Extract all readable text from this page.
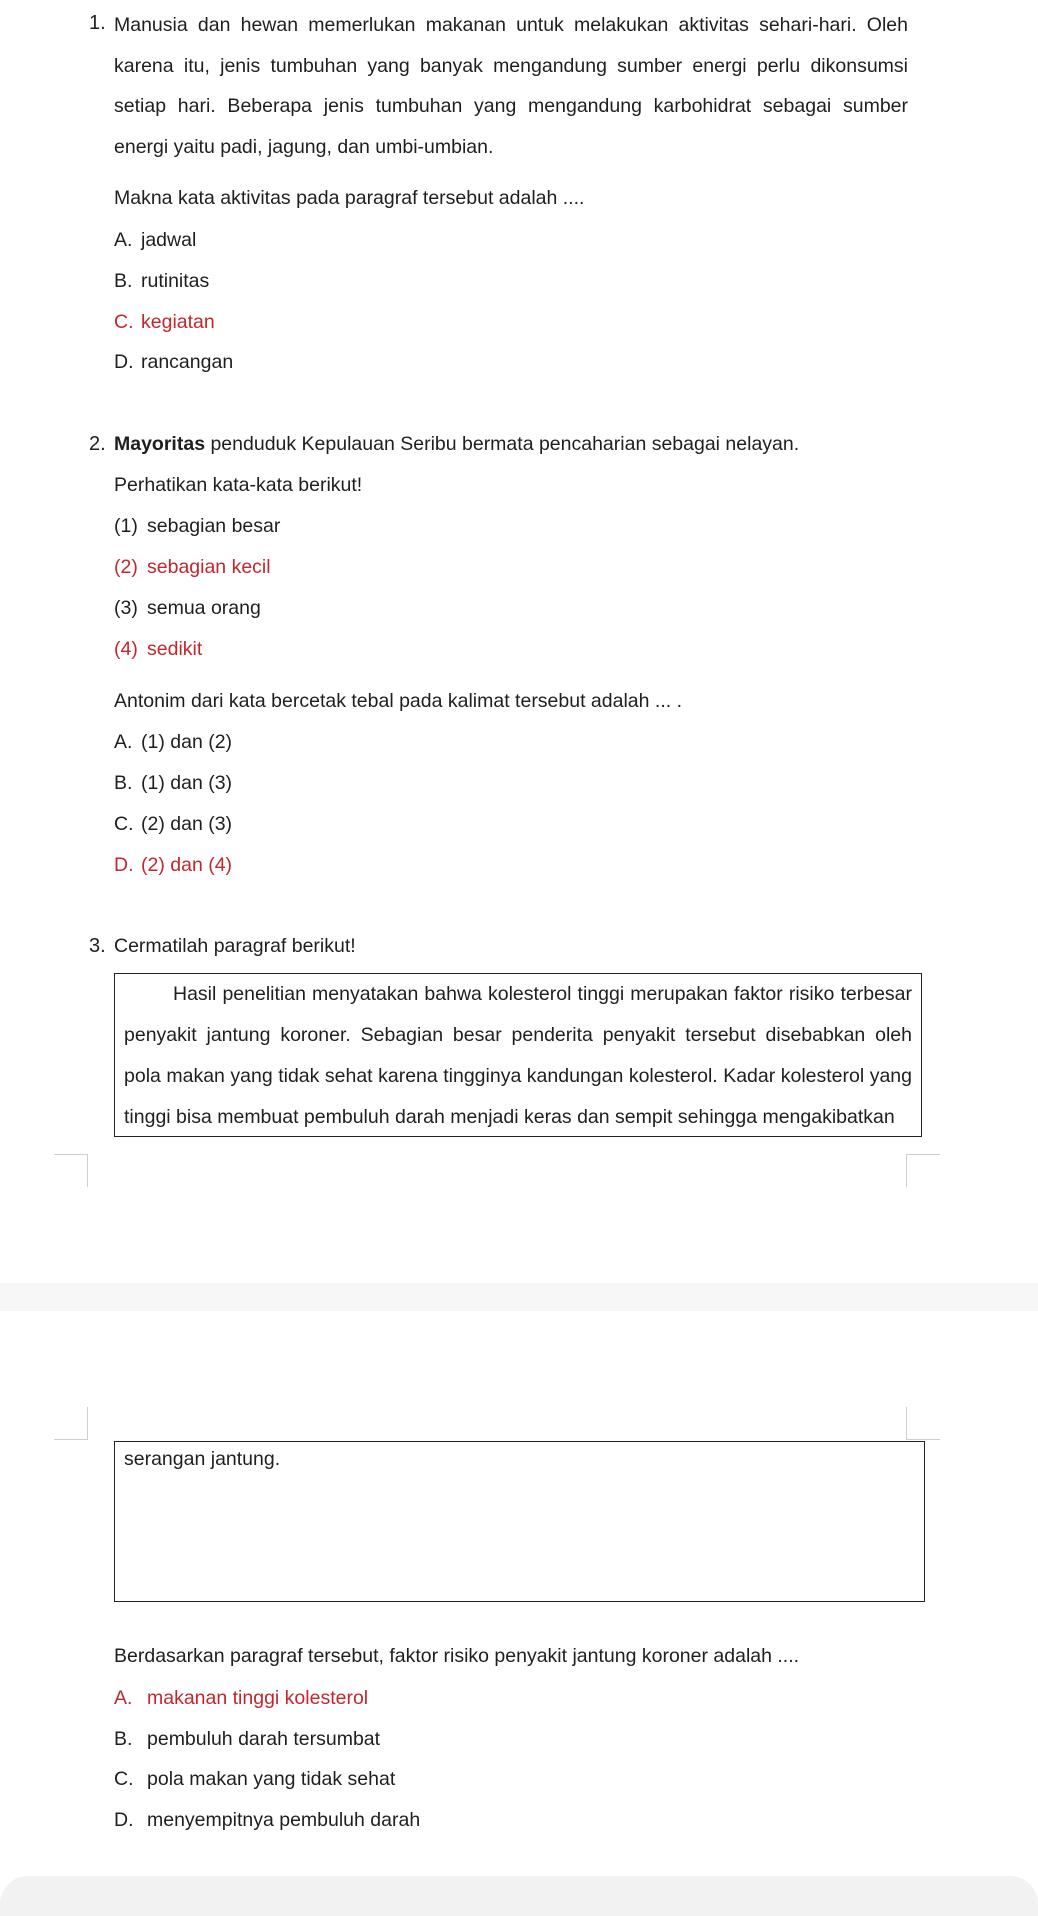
1. Manusia dan hewan memerlukan makanan untuk melakukan aktivitas sehari-hari. Oleh karena itu, jenis tumbuhan yang banyak mengandung sumber energi perlu dikonsumsi setiap hari. Beberapa jenis tumbuhan yang mengandung karbohidrat sebagai sumber energi yaitu padi, jagung, dan umbi-umbian.
Makna kata aktivitas pada paragraf tersebut adalah ....
A. jadwal
B. rutinitas
C. kegiatan
D. rancangan
2. Mayoritas penduduk Kepulauan Seribu bermata pencaharian sebagai nelayan.
Perhatikan kata-kata berikut!
(1) sebagian besar
(2) sebagian kecil
(3) semua orang
(4) sedikit
Antonim dari kata bercetak tebal pada kalimat tersebut adalah ... .
A. (1) dan (2)
B. (1) dan (3)
C. (2) dan (3)
D. (2) dan (4)
3. Cermatilah paragraf berikut!
Hasil penelitian menyatakan bahwa kolesterol tinggi merupakan faktor risiko terbesar penyakit jantung koroner. Sebagian besar penderita penyakit tersebut disebabkan oleh pola makan yang tidak sehat karena tingginya kandungan kolesterol. Kadar kolesterol yang tinggi bisa membuat pembuluh darah menjadi keras dan sempit sehingga mengakibatkan
serangan jantung.
Berdasarkan paragraf tersebut, faktor risiko penyakit jantung koroner adalah ....
A. makanan tinggi kolesterol
B. pembuluh darah tersumbat
C. pola makan yang tidak sehat
D. menyempitnya pembuluh darah
